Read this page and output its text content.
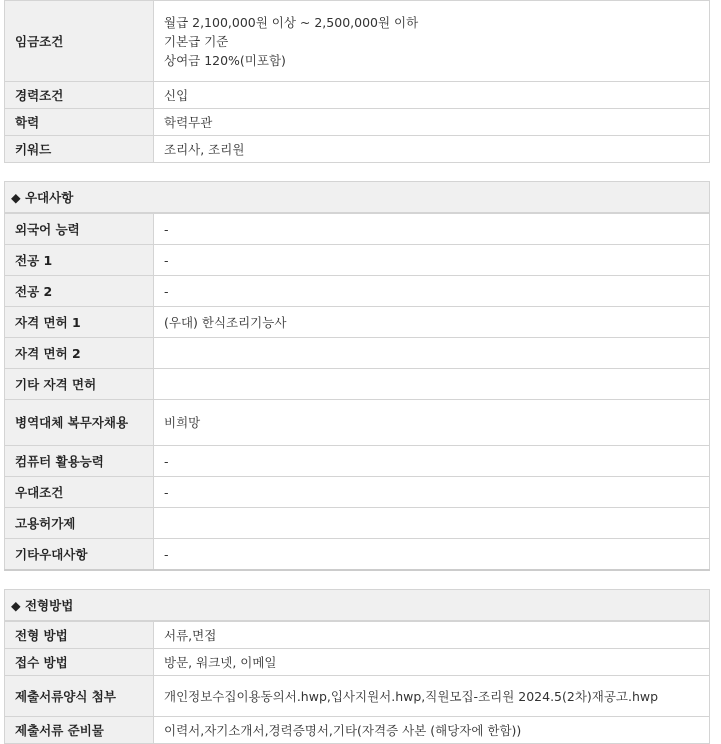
임금조건	월급 2,100,000원 이상 ~ 2,500,000원 이하
기본급 기준
상여금 120%(미포함)

경력조건	신입
학력	학력무관
키워드	조리사, 조리원
◆ 우대사항
외국어 능력	-
전공 1	-
전공 2	-
자격 면허 1	(우대) 한식조리기능사
자격 면허 2	
기타 자격 면허	
병역대체 복무자채용	비희망
컴퓨터 활용능력	-
우대조건	-
고용허가제	
기타우대사항	-
◆ 전형방법
전형 방법	서류,면접
접수 방법	방문, 워크넷, 이메일
제출서류양식 첨부	개인정보수집이용동의서.hwp,입사지원서.hwp,직원모집-조리원 2024.5(2차)재공고.hwp
제출서류 준비물	이력서,자기소개서,경력증명서,기타(자격증 사본 (해당자에 한함))
